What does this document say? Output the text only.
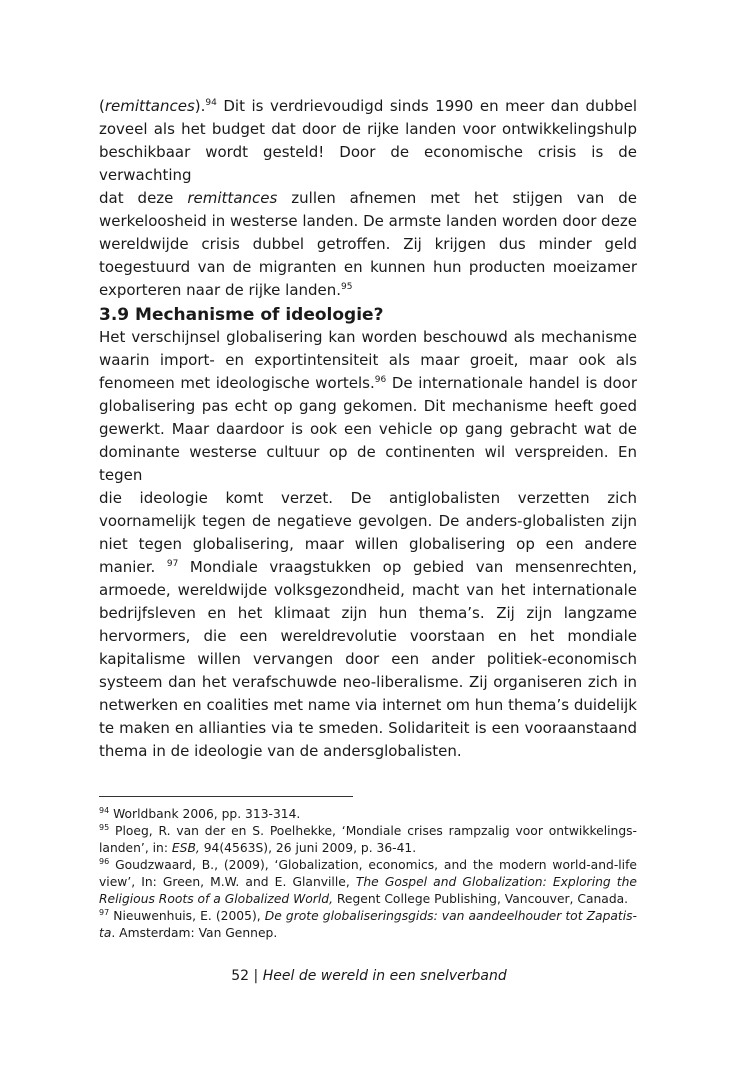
(remittances).$^{94}$ Dit is verdrievoudigd sinds 1990 en meer dan dubbel
zoveel als het budget dat door de rijke landen voor ontwikkelingshulp
beschikbaar wordt gesteld! Door de economische crisis is de verwachting
dat deze remittances zullen afnemen met het stijgen van de
werkeloosheid in westerse landen. De armste landen worden door deze
wereldwijde crisis dubbel getroffen. Zij krijgen dus minder geld
toegestuurd van de migranten en kunnen hun producten moeizamer
exporteren naar de rijke landen.$^{95}$
3.9 Mechanisme of ideologie?
Het verschijnsel globalisering kan worden beschouwd als mechanisme
waarin import- en exportintensiteit als maar groeit, maar ook als
fenomeen met ideologische wortels.$^{96}$ De internationale handel is door
globalisering pas echt op gang gekomen. Dit mechanisme heeft goed
gewerkt. Maar daardoor is ook een vehicle op gang gebracht wat de
dominante westerse cultuur op de continenten wil verspreiden. En tegen
die ideologie komt verzet. De antiglobalisten verzetten zich
voornamelijk tegen de negatieve gevolgen. De anders-globalisten zijn
niet tegen globalisering, maar willen globalisering op een andere
manier. $^{97}$ Mondiale vraagstukken op gebied van mensenrechten,
armoede, wereldwijde volksgezondheid, macht van het internationale
bedrijfsleven en het klimaat zijn hun thema’s. Zij zijn langzame
hervormers, die een wereldrevolutie voorstaan en het mondiale
kapitalisme willen vervangen door een ander politiek-economisch
systeem dan het verafschuwde neo-liberalisme. Zij organiseren zich in
netwerken en coalities met name via internet om hun thema’s duidelijk
te maken en allianties via te smeden. Solidariteit is een vooraanstaand
thema in de ideologie van de andersglobalisten.
$^{94}$ Worldbank 2006, pp. 313-314.
$^{95}$ Ploeg, R. van der en S. Poelhekke, ‘Mondiale crises rampzalig voor ontwikkelings-
landen’, in: ESB, 94(4563S), 26 juni 2009, p. 36-41.
$^{96}$ Goudzwaard, B., (2009), ‘Globalization, economics, and the modern world-and-life
view’, In: Green, M.W. and E. Glanville, The Gospel and Globalization: Exploring the
Religious Roots of a Globalized World, Regent College Publishing, Vancouver, Canada.
$^{97}$ Nieuwenhuis, E. (2005), De grote globaliseringsgids: van aandeelhouder tot Zapatis-
ta. Amsterdam: Van Gennep.
52 | Heel de wereld in een snelverband
